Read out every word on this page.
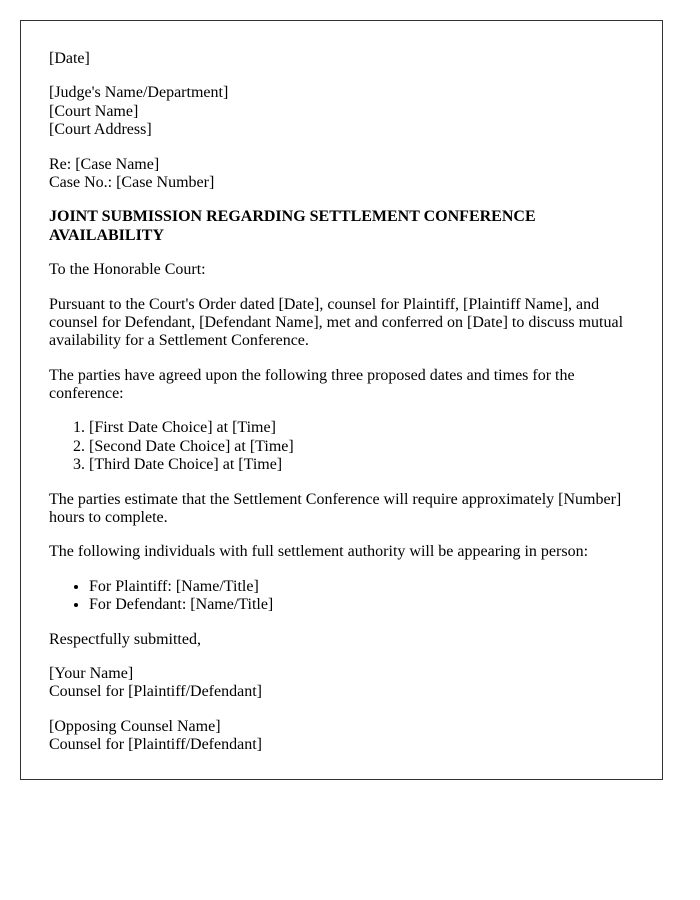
[Date]

[Judge's Name/Department]
[Court Name]
[Court Address]

Re: [Case Name]
Case No.: [Case Number]

JOINT SUBMISSION REGARDING SETTLEMENT CONFERENCE AVAILABILITY

To the Honorable Court:

Pursuant to the Court's Order dated [Date], counsel for Plaintiff, [Plaintiff Name], and counsel for Defendant, [Defendant Name], met and conferred on [Date] to discuss mutual availability for a Settlement Conference.

The parties have agreed upon the following three proposed dates and times for the conference:

1. [First Date Choice] at [Time]
2. [Second Date Choice] at [Time]
3. [Third Date Choice] at [Time]

The parties estimate that the Settlement Conference will require approximately [Number] hours to complete.

The following individuals with full settlement authority will be appearing in person:

• For Plaintiff: [Name/Title]
• For Defendant: [Name/Title]

Respectfully submitted,

[Your Name]
Counsel for [Plaintiff/Defendant]

[Opposing Counsel Name]
Counsel for [Plaintiff/Defendant]
